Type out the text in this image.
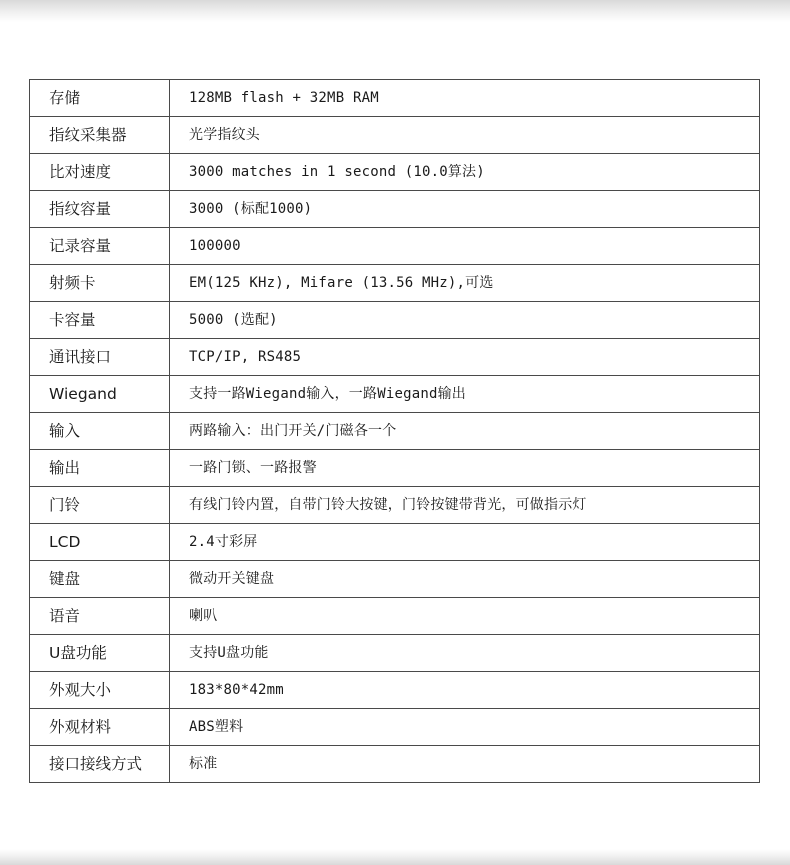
存储	128MB flash + 32MB RAM
指纹采集器	光学指纹头
比对速度	3000 matches in 1 second (10.0算法)
指纹容量	3000 (标配1000)
记录容量	100000
射频卡	EM(125 KHz), Mifare (13.56 MHz),可选
卡容量	5000 (选配)
通讯接口	TCP/IP, RS485
Wiegand	支持一路Wiegand输入，一路Wiegand输出
输入	两路输入：出门开关/门磁各一个
输出	一路门锁、一路报警
门铃	有线门铃内置，自带门铃大按键，门铃按键带背光，可做指示灯
LCD	2.4寸彩屏
键盘	微动开关键盘
语音	喇叭
U盘功能	支持U盘功能
外观大小	183*80*42mm
外观材料	ABS塑料
接口接线方式	标准
